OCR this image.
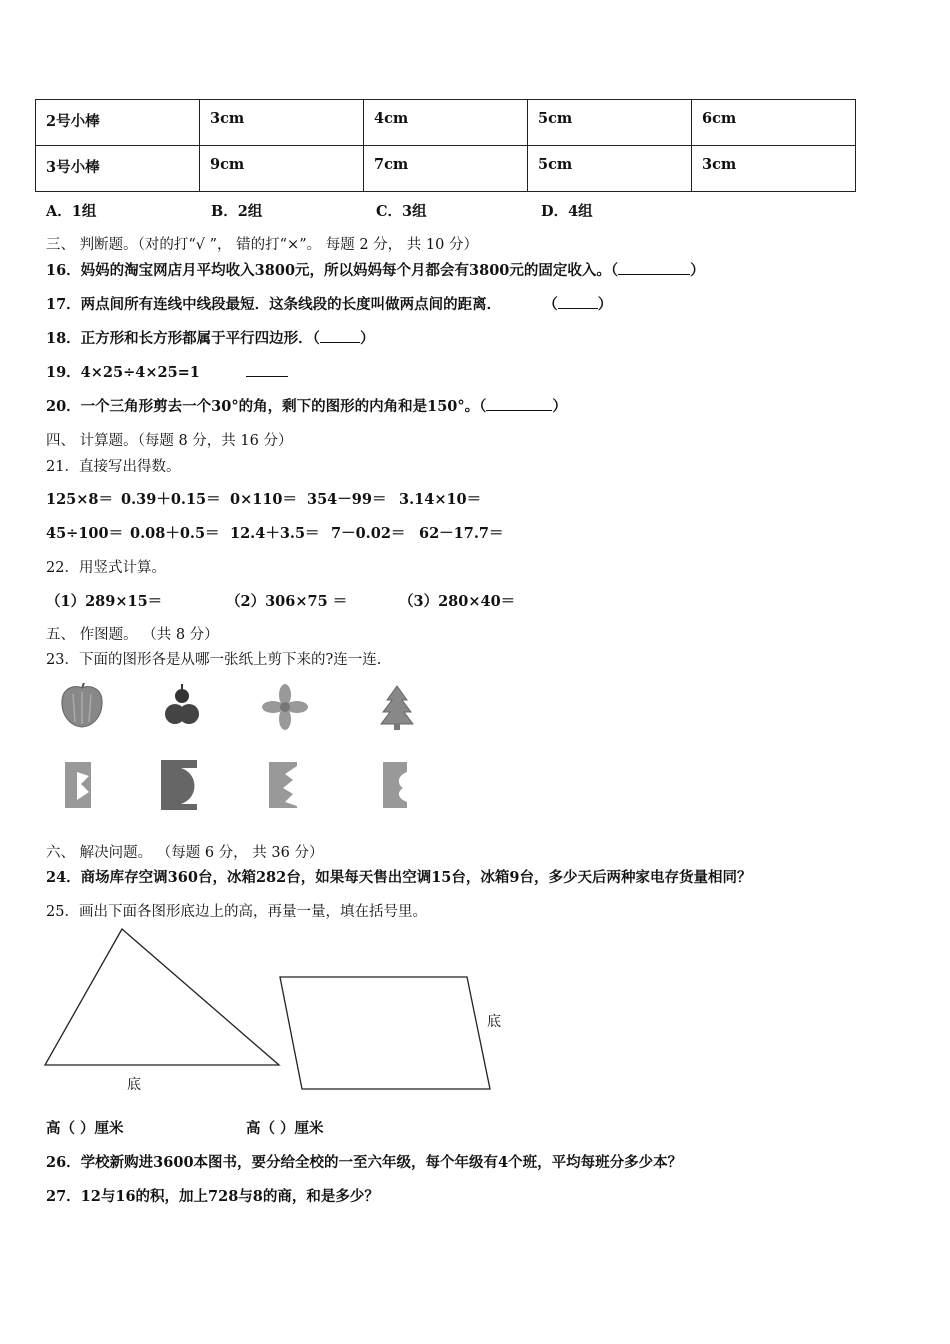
2号小棒	3cm	4cm	5cm	6cm
3号小棒	9cm	7cm	5cm	3cm
A．1组	B．2组	C．3组	D．4组
三、 判断题。（对的打“√ ”， 错的打“×”。 每题 2 分， 共 10 分）
16．妈妈的淘宝网店月平均收入3800元，所以妈妈每个月都会有3800元的固定收入。（	）
17．两点间所有连线中线段最短．这条线段的长度叫做两点间的距离．	（	）
18．正方形和长方形都属于平行四边形．（	）
19．4×25÷4×25=1
20．一个三角形剪去一个30°的角，剩下的图形的内角和是150°。（	）
四、 计算题。（每题 8 分，共 16 分）
21．直接写出得数。
125×8＝ 0.39＋0.15＝ 0×110＝ 354－99＝ 3.14×10＝
45÷100＝ 0.08＋0.5＝ 12.4＋3.5＝ 7－0.02＝ 62－17.7＝
22．用竖式计算。
（1）289×15＝	（2）306×75 ＝	（3）280×40＝
五、 作图题。 （共 8 分）
23．下面的图形各是从哪一张纸上剪下来的?连一连.
六、 解决问题。 （每题 6 分， 共 36 分）
24．商场库存空调360台，冰箱282台，如果每天售出空调15台，冰箱9台，多少天后两种家电存货量相同？
25．画出下面各图形底边上的高，再量一量，填在括号里。
底
底
高（ ）厘米	高（ ）厘米
26．学校新购进3600本图书，要分给全校的一至六年级，每个年级有4个班，平均每班分多少本？
27．12与16的积，加上728与8的商，和是多少？
